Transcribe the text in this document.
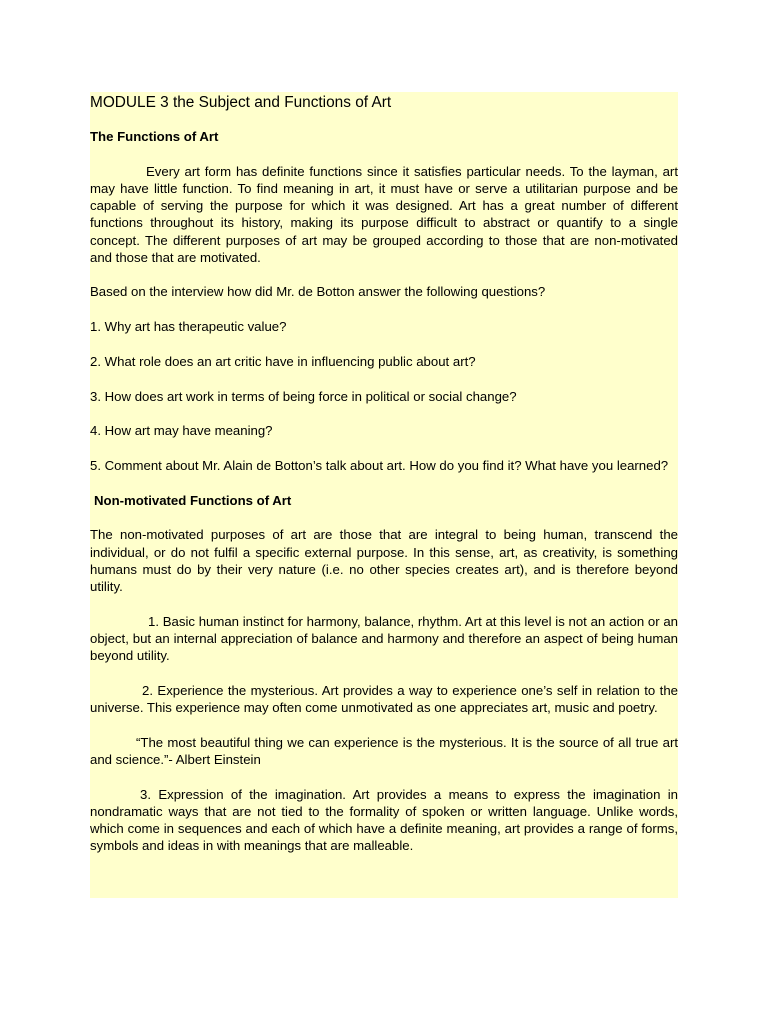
MODULE 3 the Subject and Functions of Art

The Functions of Art

Every art form has definite functions since it satisfies particular needs. To the layman, art may have little function. To find meaning in art, it must have or serve a utilitarian purpose and be capable of serving the purpose for which it was designed. Art has a great number of different functions throughout its history, making its purpose difficult to abstract or quantify to a single concept. The different purposes of art may be grouped according to those that are non-motivated and those that are motivated.

Based on the interview how did Mr. de Botton answer the following questions?

1. Why art has therapeutic value?

2. What role does an art critic have in influencing public about art?

3. How does art work in terms of being force in political or social change?

4. How art may have meaning?

5. Comment about Mr. Alain de Botton’s talk about art. How do you find it? What have you learned?

Non-motivated Functions of Art

The non-motivated purposes of art are those that are integral to being human, transcend the individual, or do not fulfil a specific external purpose. In this sense, art, as creativity, is something humans must do by their very nature (i.e. no other species creates art), and is therefore beyond utility.

1. Basic human instinct for harmony, balance, rhythm. Art at this level is not an action or an object, but an internal appreciation of balance and harmony and therefore an aspect of being human beyond utility.

2. Experience the mysterious. Art provides a way to experience one’s self in relation to the universe. This experience may often come unmotivated as one appreciates art, music and poetry.

“The most beautiful thing we can experience is the mysterious. It is the source of all true art and science.”- Albert Einstein

3. Expression of the imagination. Art provides a means to express the imagination in nondramatic ways that are not tied to the formality of spoken or written language. Unlike words, which come in sequences and each of which have a definite meaning, art provides a range of forms, symbols and ideas in with meanings that are malleable.
